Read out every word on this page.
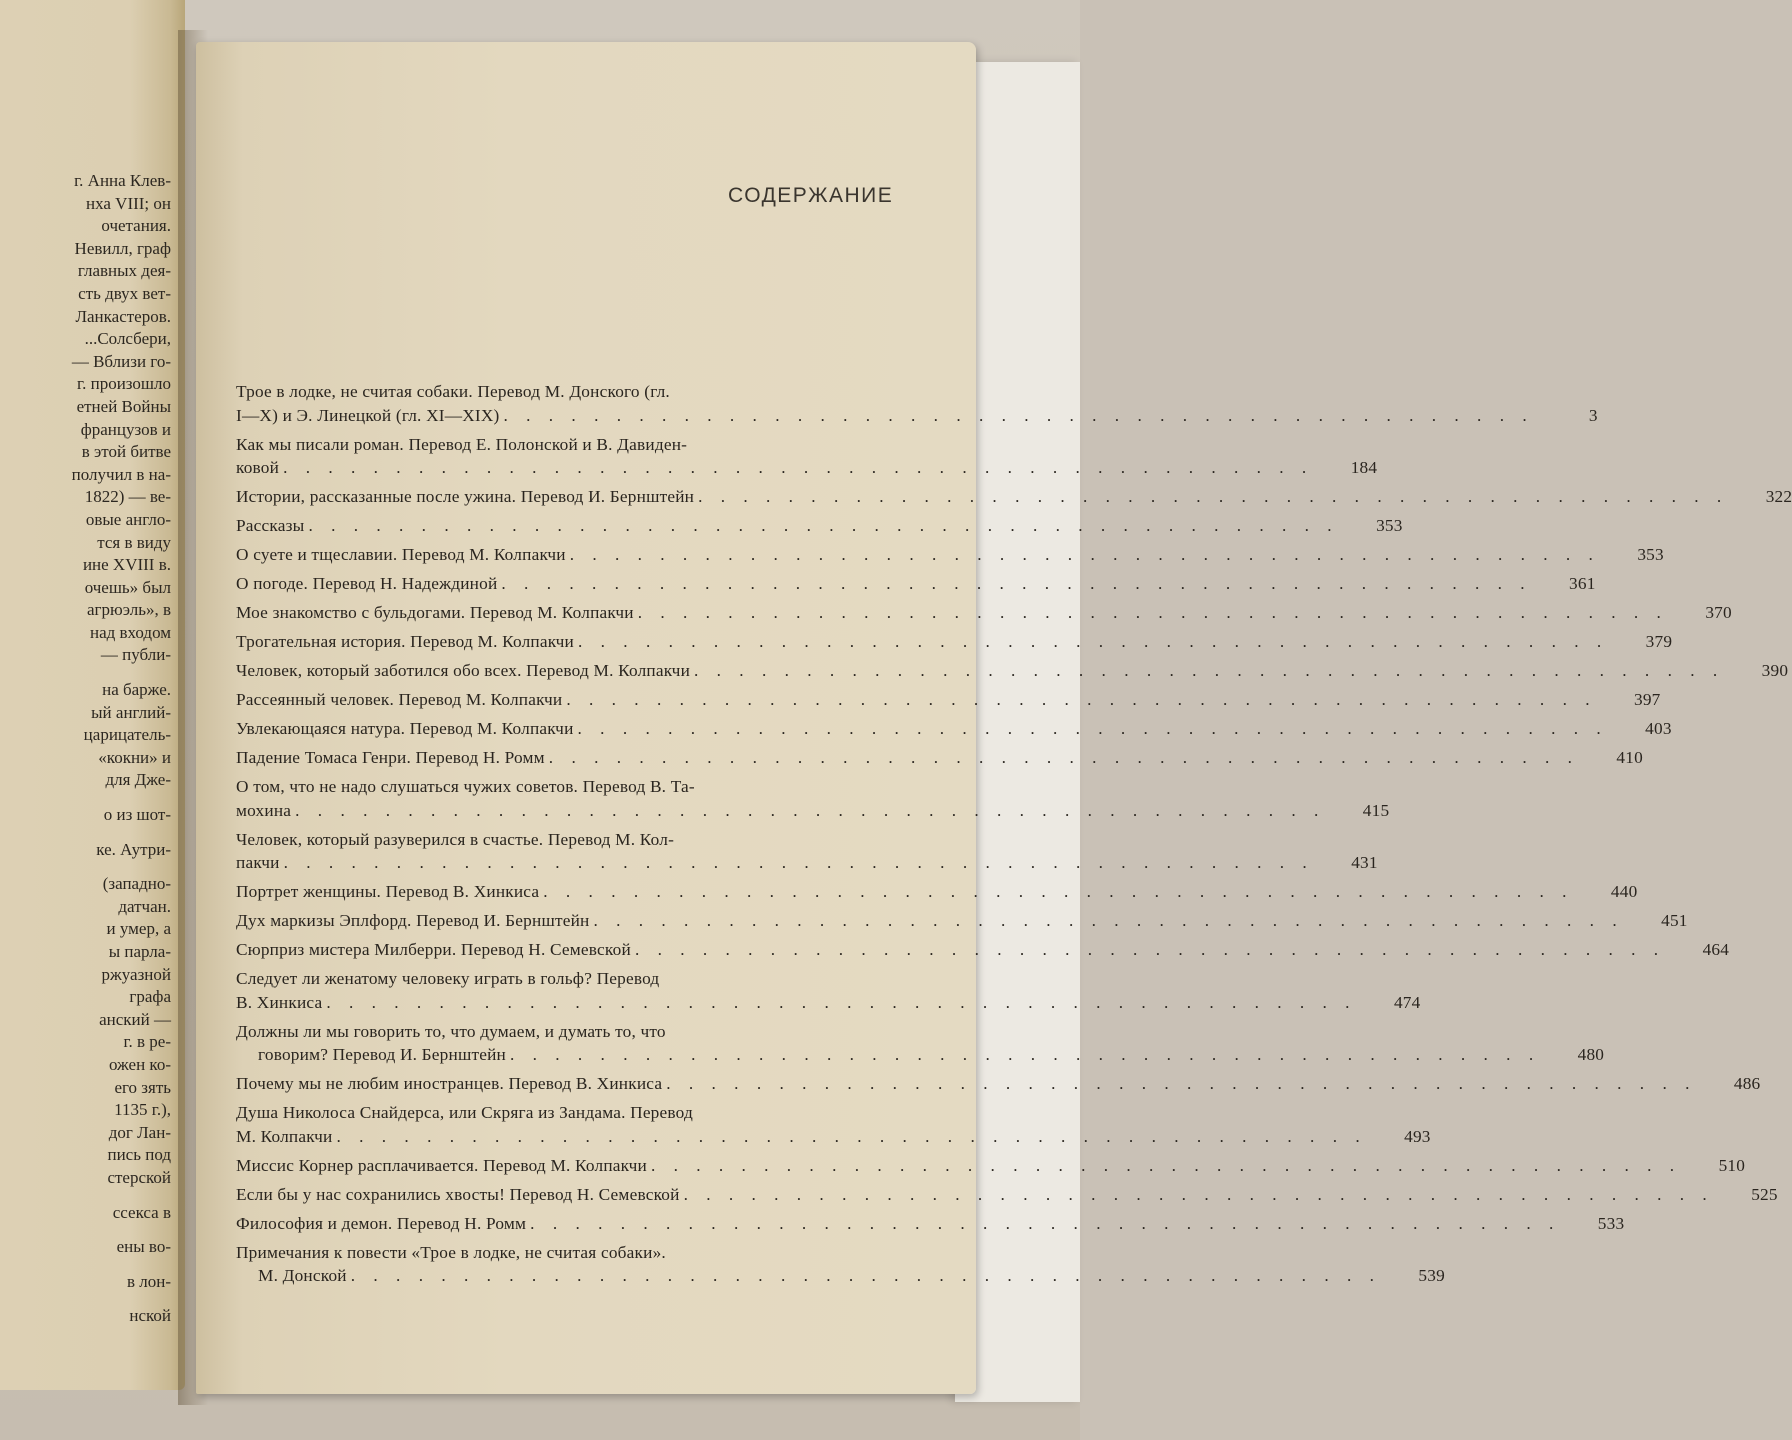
г. Анна Клев-
нха VIII; он
очетания.
Невилл, граф
главных дея-
сть двух вет-
Ланкастеров.
...Солсбери,
— Вблизи го-
г. произошло
етней Войны
французов и
в этой битве
получил в на-
1822) — ве-
овые англо-
тся в виду
ине XVIII в.
очешь» был
агрюэль», в
над входом
— публи-
на барже.
ый англий-
царицатель-
«кокни» и
для Дже-
о из шот-
ке. Аутри-
(западно-
датчан.
и умер, а
ы парла-
ржуазной
графа
анский —
г. в ре-
ожен ко-
его зять
1135 г.),
дог Лан-
пись под
стерской
ссекса в
ены во-
в лон-
нской
СОДЕРЖАНИЕ
Трое в лодке, не считая собаки. Перевод М. Донского (гл.
I—X) и Э. Линецкой (гл. XI—XIX) . . . . . . . . . . . . . . . . . . . . . . . . . . . . . . . . . . . . . . . . . . . . . .	3
Как мы писали роман. Перевод Е. Полонской и В. Давиден-
ковой . . . . . . . . . . . . . . . . . . . . . . . . . . . . . . . . . . . . . . . . . . . . . .	184
Истории, рассказанные после ужина. Перевод И. Бернштейн . . . . . . . . . . . . . . . . . . . . . . . . . . . . . . . . . . . . . . . . . . . . . .	322
Рассказы . . . . . . . . . . . . . . . . . . . . . . . . . . . . . . . . . . . . . . . . . . . . . .	353
О суете и тщеславии. Перевод М. Колпакчи . . . . . . . . . . . . . . . . . . . . . . . . . . . . . . . . . . . . . . . . . . . . . .	353
О погоде. Перевод Н. Надеждиной . . . . . . . . . . . . . . . . . . . . . . . . . . . . . . . . . . . . . . . . . . . . . .	361
Мое знакомство с бульдогами. Перевод М. Колпакчи . . . . . . . . . . . . . . . . . . . . . . . . . . . . . . . . . . . . . . . . . . . . . .	370
Трогательная история. Перевод М. Колпакчи . . . . . . . . . . . . . . . . . . . . . . . . . . . . . . . . . . . . . . . . . . . . . .	379
Человек, который заботился обо всех. Перевод М. Колпакчи . . . . . . . . . . . . . . . . . . . . . . . . . . . . . . . . . . . . . . . . . . . . . .	390
Рассеянный человек. Перевод М. Колпакчи . . . . . . . . . . . . . . . . . . . . . . . . . . . . . . . . . . . . . . . . . . . . . .	397
Увлекающаяся натура. Перевод М. Колпакчи . . . . . . . . . . . . . . . . . . . . . . . . . . . . . . . . . . . . . . . . . . . . . .	403
Падение Томаса Генри. Перевод Н. Ромм . . . . . . . . . . . . . . . . . . . . . . . . . . . . . . . . . . . . . . . . . . . . . .	410
О том, что не надо слушаться чужих советов. Перевод В. Та-
мохина . . . . . . . . . . . . . . . . . . . . . . . . . . . . . . . . . . . . . . . . . . . . . .	415
Человек, который разуверился в счастье. Перевод М. Кол-
пакчи . . . . . . . . . . . . . . . . . . . . . . . . . . . . . . . . . . . . . . . . . . . . . .	431
Портрет женщины. Перевод В. Хинкиса . . . . . . . . . . . . . . . . . . . . . . . . . . . . . . . . . . . . . . . . . . . . . .	440
Дух маркизы Эплфорд. Перевод И. Бернштейн . . . . . . . . . . . . . . . . . . . . . . . . . . . . . . . . . . . . . . . . . . . . . .	451
Сюрприз мистера Милберри. Перевод Н. Семевской . . . . . . . . . . . . . . . . . . . . . . . . . . . . . . . . . . . . . . . . . . . . . .	464
Следует ли женатому человеку играть в гольф? Перевод
В. Хинкиса . . . . . . . . . . . . . . . . . . . . . . . . . . . . . . . . . . . . . . . . . . . . . .	474
Должны ли мы говорить то, что думаем, и думать то, что
говорим? Перевод И. Бернштейн . . . . . . . . . . . . . . . . . . . . . . . . . . . . . . . . . . . . . . . . . . . . . .	480
Почему мы не любим иностранцев. Перевод В. Хинкиса . . . . . . . . . . . . . . . . . . . . . . . . . . . . . . . . . . . . . . . . . . . . . .	486
Душа Николоса Снайдерса, или Скряга из Зандама. Перевод
М. Колпакчи . . . . . . . . . . . . . . . . . . . . . . . . . . . . . . . . . . . . . . . . . . . . . .	493
Миссис Корнер расплачивается. Перевод М. Колпакчи . . . . . . . . . . . . . . . . . . . . . . . . . . . . . . . . . . . . . . . . . . . . . .	510
Если бы у нас сохранились хвосты! Перевод Н. Семевской . . . . . . . . . . . . . . . . . . . . . . . . . . . . . . . . . . . . . . . . . . . . . .	525
Философия и демон. Перевод Н. Ромм . . . . . . . . . . . . . . . . . . . . . . . . . . . . . . . . . . . . . . . . . . . . . .	533
Примечания к повести «Трое в лодке, не считая собаки».
М. Донской . . . . . . . . . . . . . . . . . . . . . . . . . . . . . . . . . . . . . . . . . . . . . .	539
